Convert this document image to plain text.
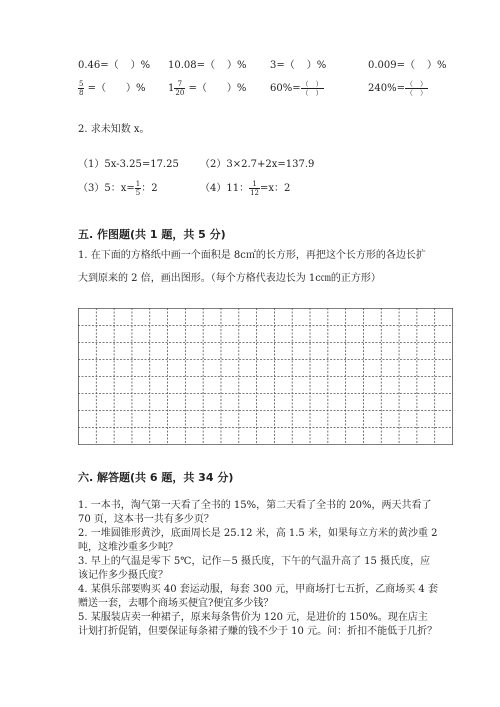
0.46=（ ）% 10.08=（ ）% 3=（ ）%	0.009=（ ）%
$\frac{5}{8}$ =（　　）% $1 \frac{7}{20}$ =（　　）% $60\%= \frac{( )}{( )}$	$240\%= \frac{( )}{( )}$
2. 求未知数 x。
（1）5x-3.25=17.25 （2）3×2.7+2x=137.9
（3）5：$x= \frac{1}{5}$ ：2	（4）11： $\frac{1}{12} =x$：2
五. 作图题(共 1 题，共 5 分)
1. 在下面的方格纸中画一个面积是 8c㎡的长方形，再把这个长方形的各边长扩
大到原来的 2 倍，画出图形。（每个方格代表边长为 1c㎝的正方形）
六. 解答题(共 6 题，共 34 分)
1. 一本书，淘气第一天看了全书的 15%，第二天看了全书的 20%，两天共看了
70 页，这本书一共有多少页？
2. 一堆圆锥形黄沙，底面周长是 25.12 米，高 1.5 米，如果每立方米的黄沙重 2
吨，这堆沙重多少吨？
3. 早上的气温是零下 5℃，记作－5 摄氏度，下午的气温升高了 15 摄氏度，应
该记作多少摄氏度？
4. 某俱乐部要购买 40 套运动服，每套 300 元，甲商场打七五折，乙商场买 4 套
赠送一套，去哪个商场买便宜?便宜多少钱？
5. 某服装店卖一种裙子，原来每条售价为 120 元，是进价的 150%。现在店主
计划打折促销，但要保证每条裙子赚的钱不少于 10 元。问：折扣不能低于几折？
